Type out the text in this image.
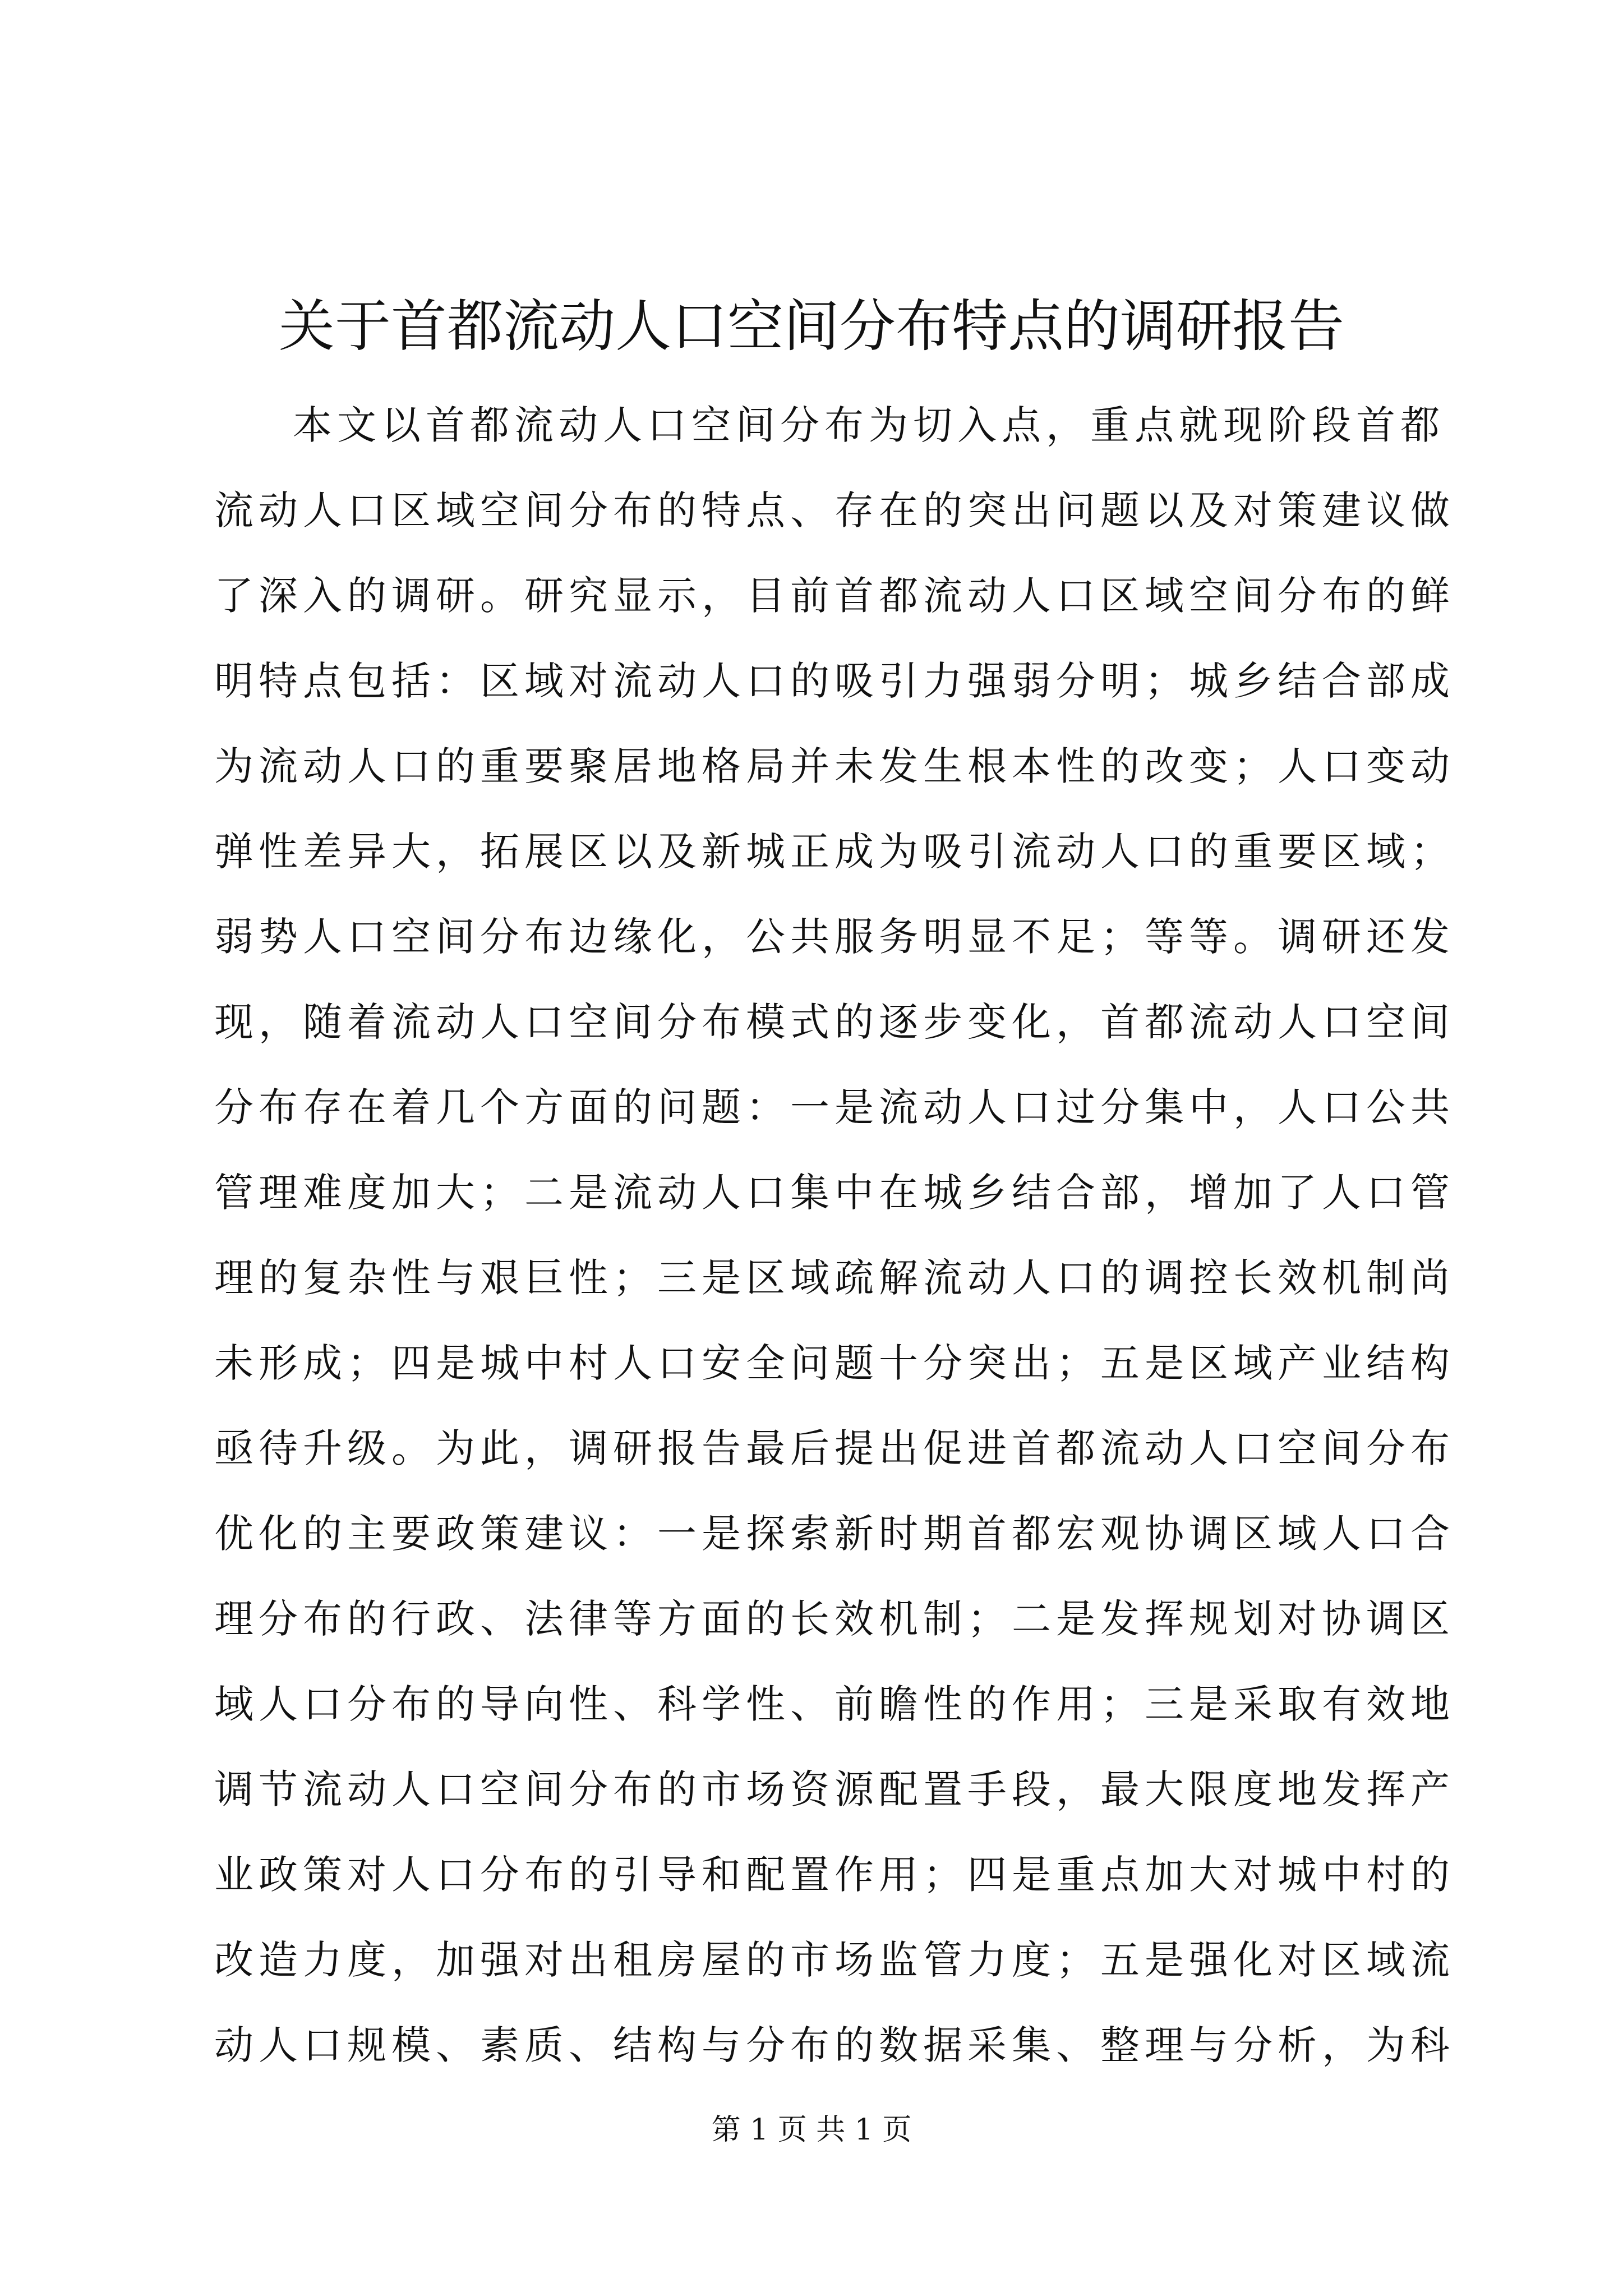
关于首都流动人口空间分布特点的调研报告
本文以首都流动人口空间分布为切入点，重点就现阶段首都
流动人口区域空间分布的特点、存在的突出问题以及对策建议做
了深入的调研。研究显示，目前首都流动人口区域空间分布的鲜
明特点包括：区域对流动人口的吸引力强弱分明；城乡结合部成
为流动人口的重要聚居地格局并未发生根本性的改变；人口变动
弹性差异大，拓展区以及新城正成为吸引流动人口的重要区域；
弱势人口空间分布边缘化，公共服务明显不足；等等。调研还发
现，随着流动人口空间分布模式的逐步变化，首都流动人口空间
分布存在着几个方面的问题：一是流动人口过分集中，人口公共
管理难度加大；二是流动人口集中在城乡结合部，增加了人口管
理的复杂性与艰巨性；三是区域疏解流动人口的调控长效机制尚
未形成；四是城中村人口安全问题十分突出；五是区域产业结构
亟待升级。为此，调研报告最后提出促进首都流动人口空间分布
优化的主要政策建议：一是探索新时期首都宏观协调区域人口合
理分布的行政、法律等方面的长效机制；二是发挥规划对协调区
域人口分布的导向性、科学性、前瞻性的作用；三是采取有效地
调节流动人口空间分布的市场资源配置手段，最大限度地发挥产
业政策对人口分布的引导和配置作用；四是重点加大对城中村的
改造力度，加强对出租房屋的市场监管力度；五是强化对区域流
动人口规模、素质、结构与分布的数据采集、整理与分析，为科
第 1 页 共 1 页
